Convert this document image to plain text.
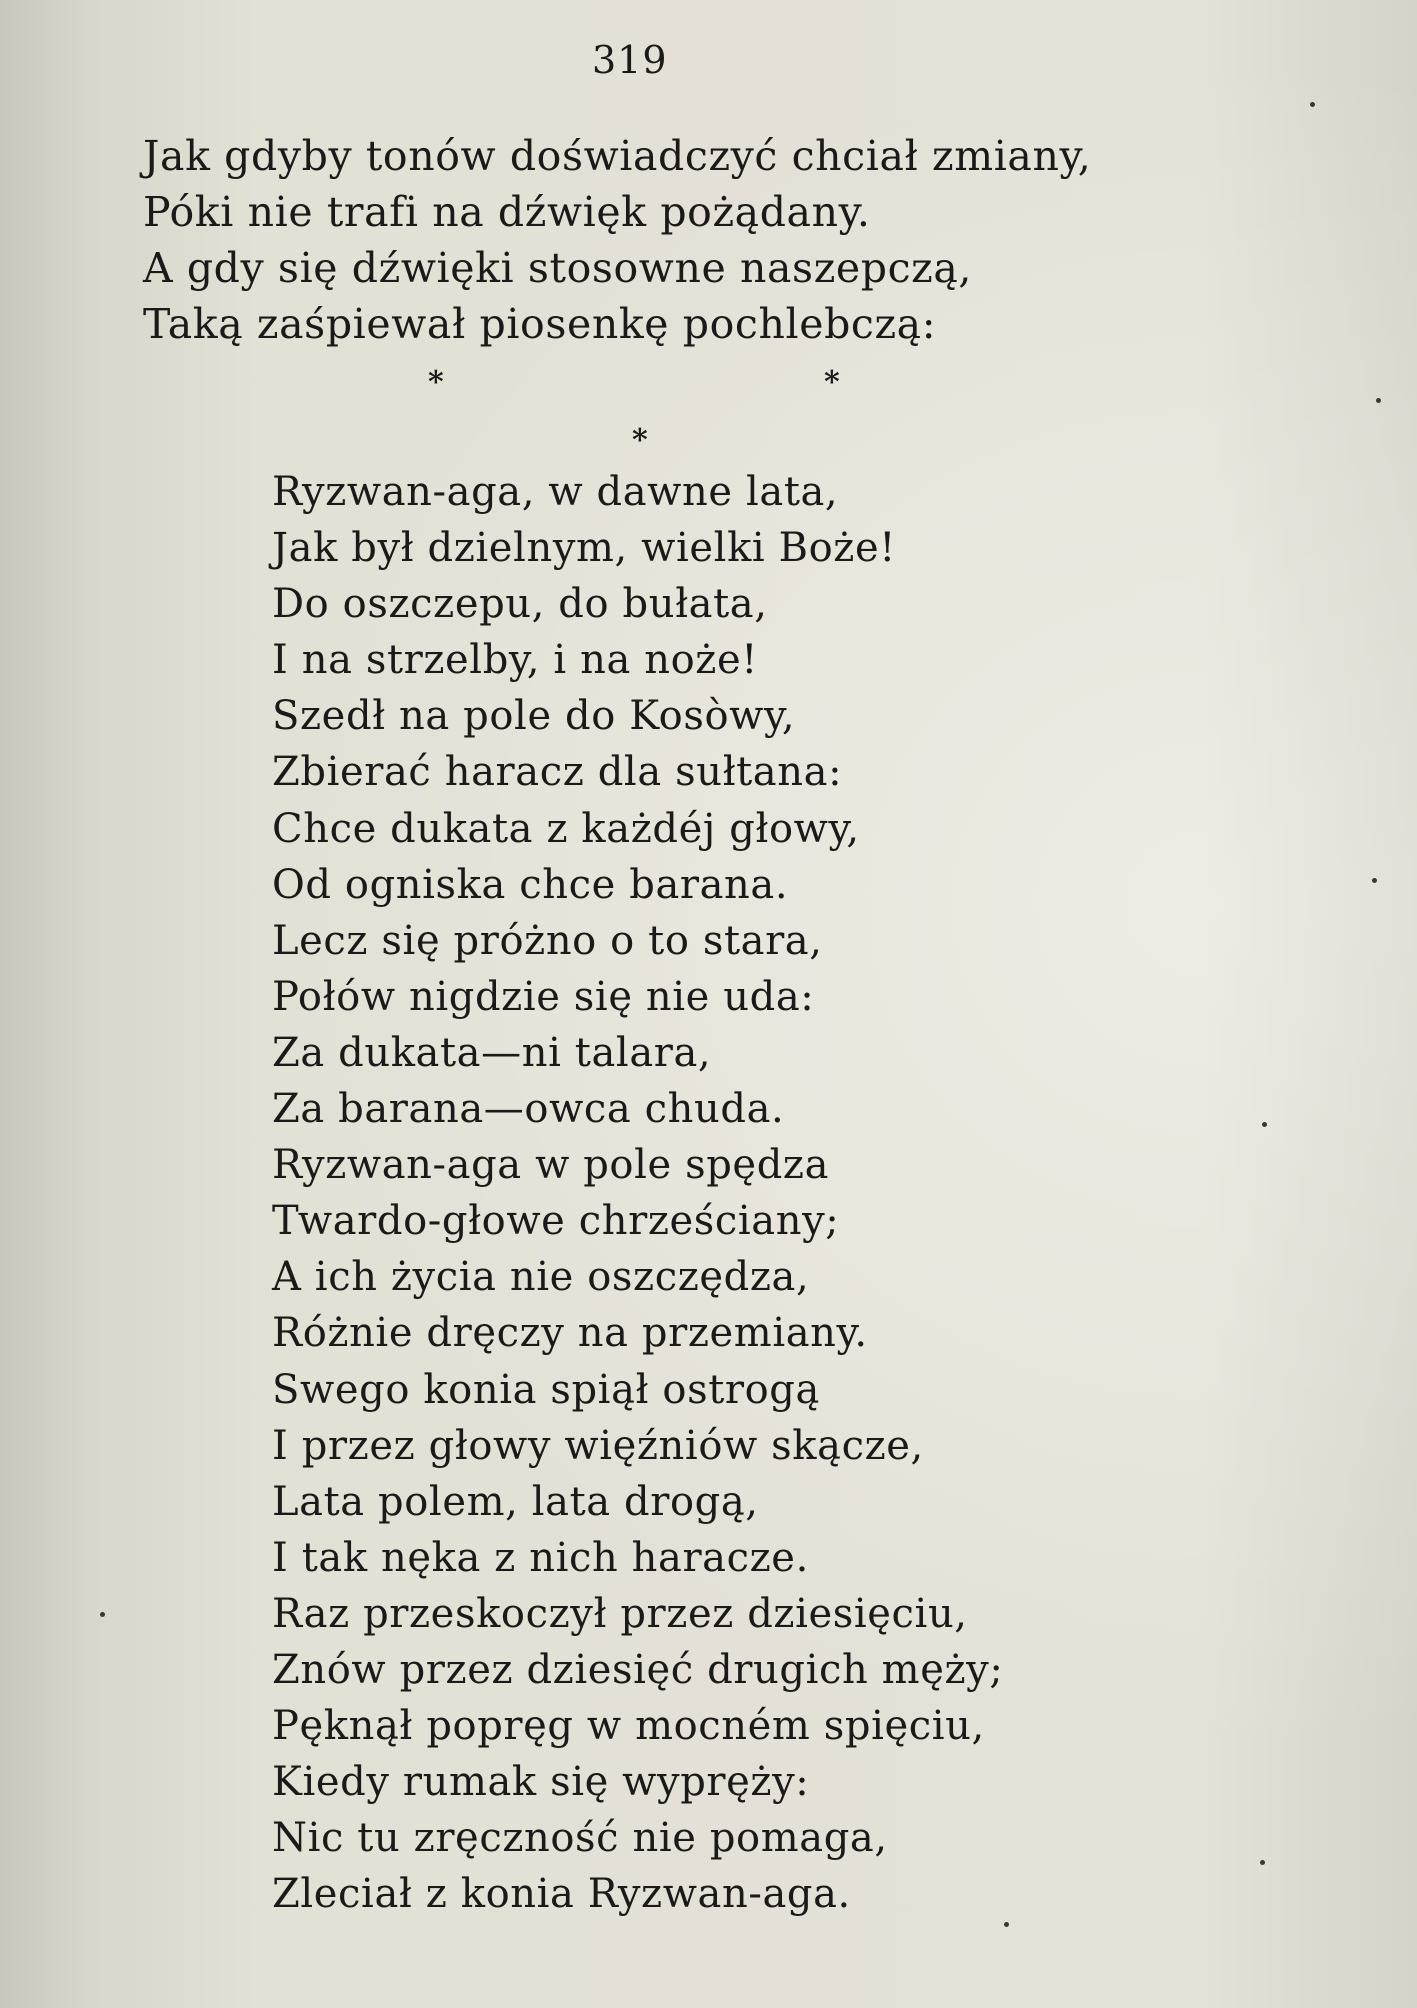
319

Jak gdyby tonów doświadczyć chciał zmiany,
Póki nie trafi na dźwięk pożądany.
A gdy się dźwięki stosowne naszepczą,
Taką zaśpiewał piosenkę pochlebczą:
*	*
*
Ryzwan-aga, w dawne lata,
Jak był dzielnym, wielki Boże!
Do oszczepu, do bułata,
I na strzelby, i na noże!
Szedł na pole do Kosòwy,
Zbierać haracz dla sułtana:
Chce dukata z każdéj głowy,
Od ogniska chce barana.
Lecz się próżno o to stara,
Połów nigdzie się nie uda:
Za dukata—ni talara,
Za barana—owca chuda.
Ryzwan-aga w pole spędza
Twardo-głowe chrześciany;
A ich życia nie oszczędza,
Różnie dręczy na przemiany.
Swego konia spiął ostrogą
I przez głowy więźniów skącze,
Lata polem, lata drogą,
I tak nęka z nich haracze.
Raz przeskoczył przez dziesięciu,
Znów przez dziesięć drugich męży;
Pęknął popręg w mocném spięciu,
Kiedy rumak się wypręży:
Nic tu zręczność nie pomaga,
Zleciał z konia Ryzwan-aga.
